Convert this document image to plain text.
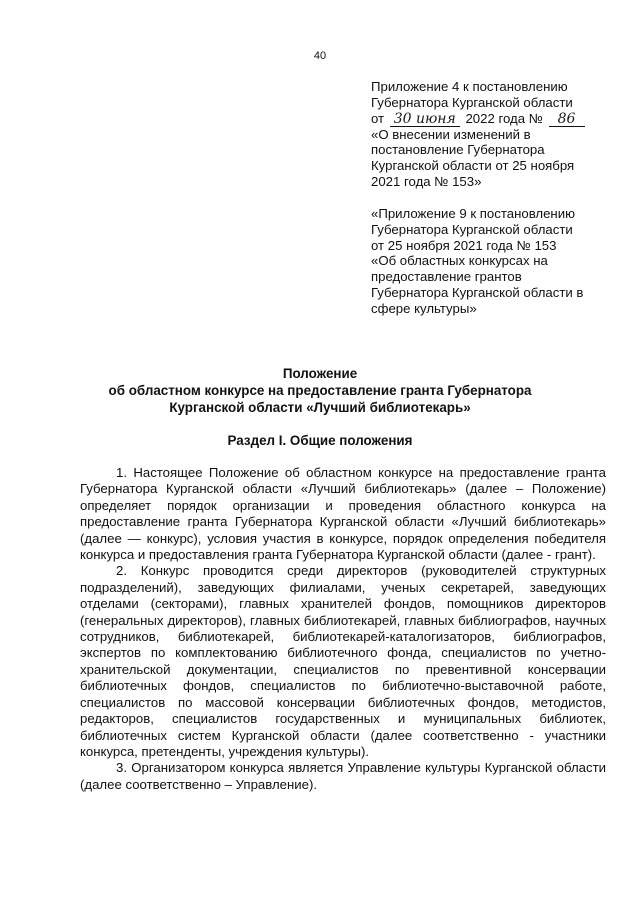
40
Приложение 4 к постановлению
Губернатора Курганской области
от 30 июня 2022 года № 86
«О внесении изменений в
постановление Губернатора
Курганской области от 25 ноября
2021 года № 153»
«Приложение 9 к постановлению
Губернатора Курганской области
от 25 ноября 2021 года № 153
«Об областных конкурсах на
предоставление грантов
Губернатора Курганской области в
сфере культуры»
Положение
об областном конкурсе на предоставление гранта Губернатора
Курганской области «Лучший библиотекарь»
Раздел I. Общие положения

1. Настоящее Положение об областном конкурсе на предоставление гранта Губернатора Курганской области «Лучший библиотекарь» (далее – Положение) определяет порядок организации и проведения областного конкурса на предоставление гранта Губернатора Курганской области «Лучший библиотекарь» (далее — конкурс), условия участия в конкурсе, порядок определения победителя конкурса и предоставления гранта Губернатора Курганской области (далее - грант).

2. Конкурс проводится среди директоров (руководителей структурных подразделений), заведующих филиалами, ученых секретарей, заведующих отделами (секторами), главных хранителей фондов, помощников директоров (генеральных директоров), главных библиотекарей, главных библиографов, научных сотрудников, библиотекарей, библиотекарей-каталогизаторов, библиографов, экспертов по комплектованию библиотечного фонда, специалистов по учетно-хранительской документации, специалистов по превентивной консервации библиотечных фондов, специалистов по библиотечно-выставочной работе, специалистов по массовой консервации библиотечных фондов, методистов, редакторов, специалистов государственных и муниципальных библиотек, библиотечных систем Курганской области (далее соответственно - участники конкурса, претенденты, учреждения культуры).

3. Организатором конкурса является Управление культуры Курганской области (далее соответственно – Управление).
